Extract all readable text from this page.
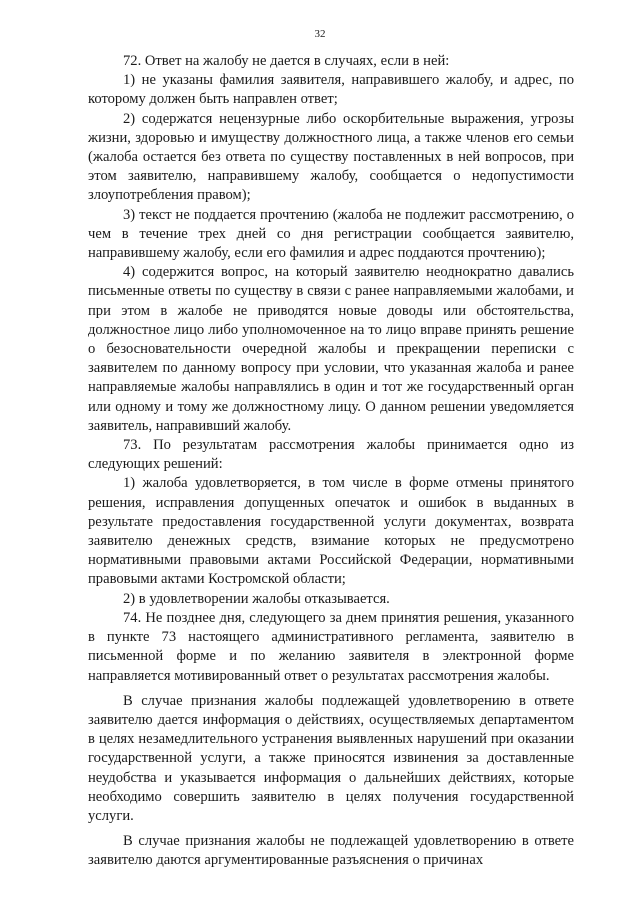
32

72. Ответ на жалобу не дается в случаях, если в ней:

1) не указаны фамилия заявителя, направившего жалобу, и адрес, по которому должен быть направлен ответ;

2) содержатся нецензурные либо оскорбительные выражения, угрозы жизни, здоровью и имуществу должностного лица, а также членов его семьи (жалоба остается без ответа по существу поставленных в ней вопросов, при этом заявителю, направившему жалобу, сообщается о недопустимости злоупотребления правом);

3) текст не поддается прочтению (жалоба не подлежит рассмотрению, о чем в течение трех дней со дня регистрации сообщается заявителю, направившему жалобу, если его фамилия и адрес поддаются прочтению);

4) содержится вопрос, на который заявителю неоднократно давались письменные ответы по существу в связи с ранее направляемыми жалобами, и при этом в жалобе не приводятся новые доводы или обстоятельства, должностное лицо либо уполномоченное на то лицо вправе принять решение о безосновательности очередной жалобы и прекращении переписки с заявителем по данному вопросу при условии, что указанная жалоба и ранее направляемые жалобы направлялись в один и тот же государственный орган или одному и тому же должностному лицу. О данном решении уведомляется заявитель, направивший жалобу.

73. По результатам рассмотрения жалобы принимается одно из следующих решений:

1) жалоба удовлетворяется, в том числе в форме отмены принятого решения, исправления допущенных опечаток и ошибок в выданных в результате предоставления государственной услуги документах, возврата заявителю денежных средств, взимание которых не предусмотрено нормативными правовыми актами Российской Федерации, нормативными правовыми актами Костромской области;

2) в удовлетворении жалобы отказывается.

74. Не позднее дня, следующего за днем принятия решения, указанного в пункте 73 настоящего административного регламента, заявителю в письменной форме и по желанию заявителя в электронной форме направляется мотивированный ответ о результатах рассмотрения жалобы.

В случае признания жалобы подлежащей удовлетворению в ответе заявителю дается информация о действиях, осуществляемых департаментом в целях незамедлительного устранения выявленных нарушений при оказании государственной услуги, а также приносятся извинения за доставленные неудобства и указывается информация о дальнейших действиях, которые необходимо совершить заявителю в целях получения государственной услуги.

В случае признания жалобы не подлежащей удовлетворению в ответе заявителю даются аргументированные разъяснения о причинах
